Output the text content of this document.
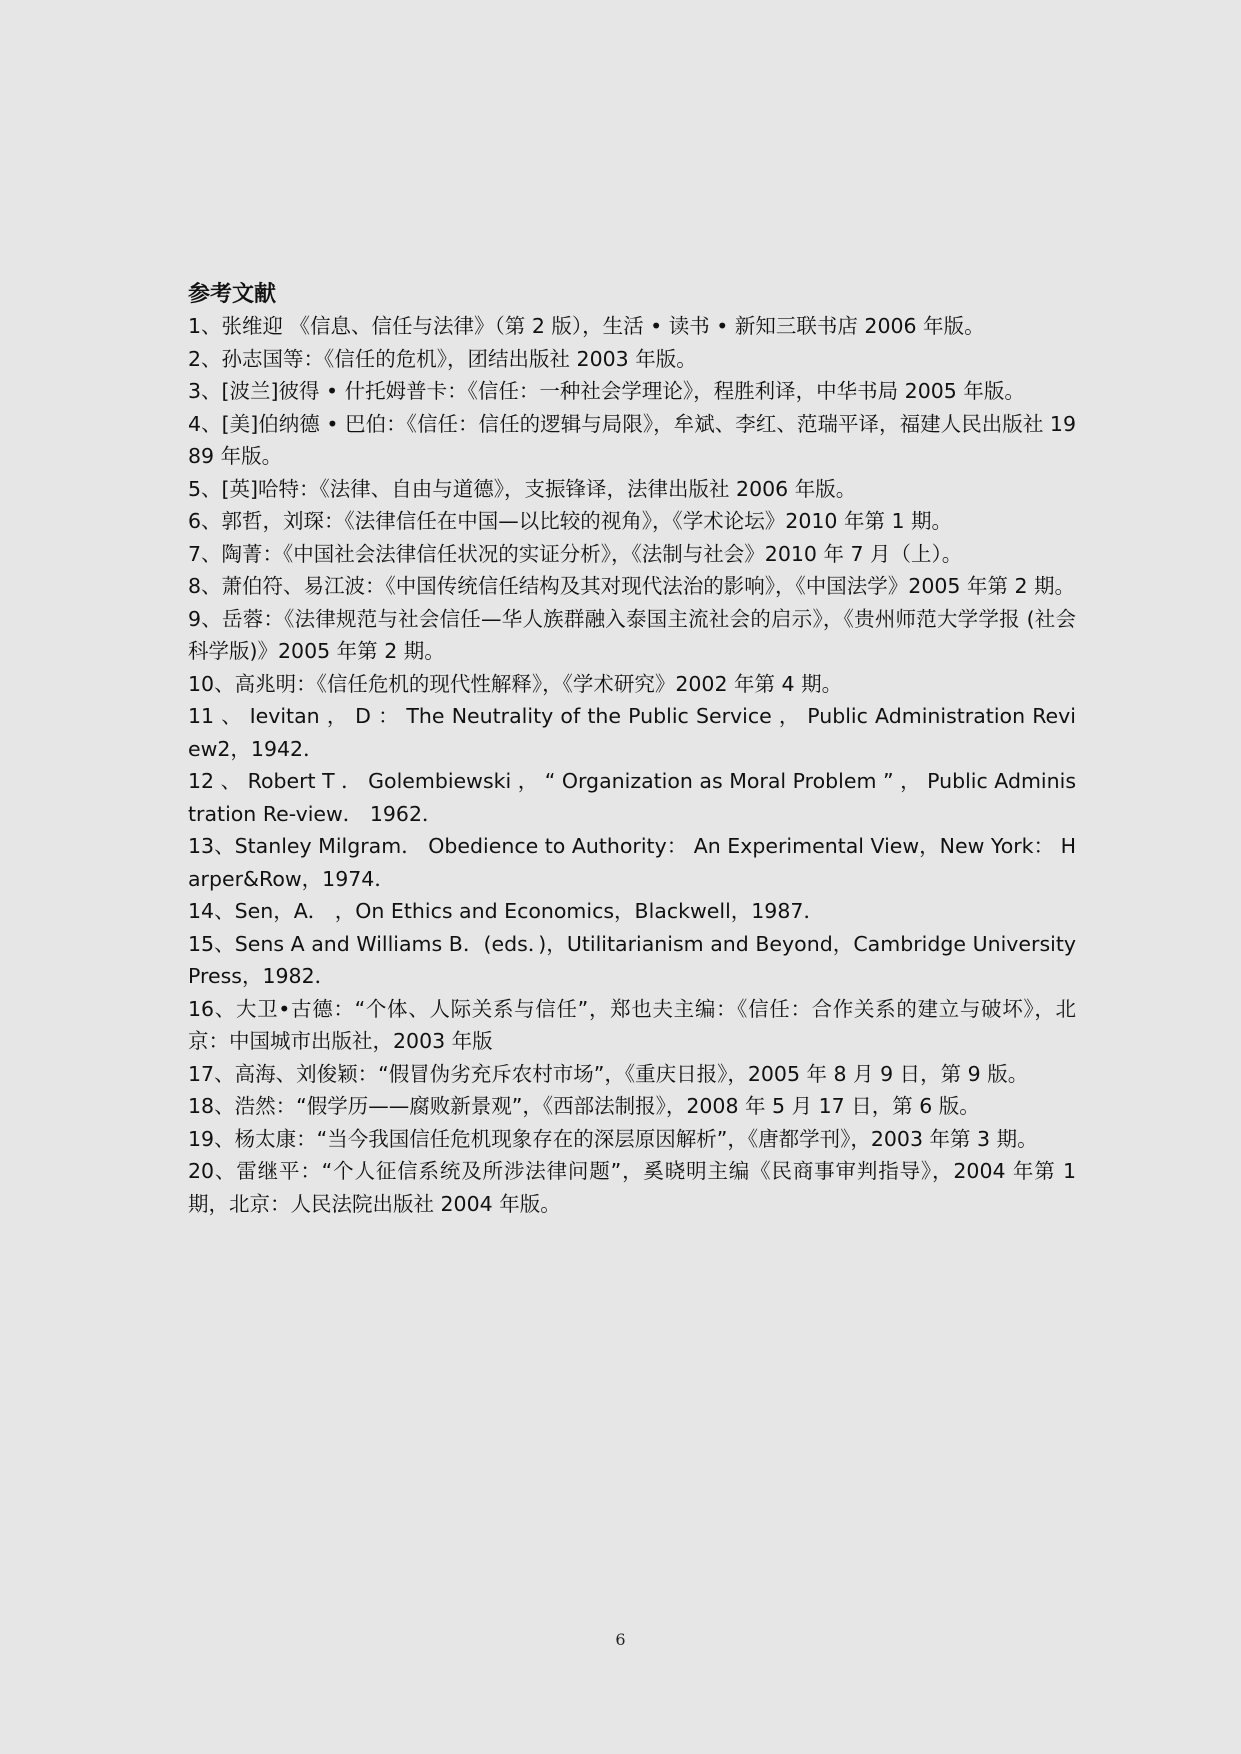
参考文献
1、张维迎 《信息、信任与法律》（第 2 版），生活 • 读书 • 新知三联书店 2006 年版。
2、孙志国等：《信任的危机》，团结出版社 2003 年版。
3、[波兰]彼得 • 什托姆普卡：《信任：一种社会学理论》，程胜利译，中华书局 2005 年版。
4、[美]伯纳德 • 巴伯：《信任：信任的逻辑与局限》，牟斌、李红、范瑞平译，福建人民出版社 1989 年版。
5、[英]哈特：《法律、自由与道德》，支振锋译，法律出版社 2006 年版。
6、郭哲，刘琛：《法律信任在中国—以比较的视角》，《学术论坛》2010 年第 1 期。
7、陶菁：《中国社会法律信任状况的实证分析》，《法制与社会》2010 年 7 月（上）。
8、萧伯符、易江波：《中国传统信任结构及其对现代法治的影响》，《中国法学》2005 年第 2 期。
9、岳蓉：《法律规范与社会信任—华人族群融入泰国主流社会的启示》，《贵州师范大学学报 (社会科学版)》2005 年第 2 期。
10、高兆明：《信任危机的现代性解释》，《学术研究》2002 年第 4 期。
11 、 Ievitan ， D ： The Neutrality of the Public Service ， Public Administration Review2，1942．
12 、 Robert T ． Golembiewski ， “ Organization as Moral Problem ” ， Public Administration Re-view． 1962．
13、Stanley Milgram． Obedience to Authority： An Experimental View，New York： Harper&Row，1974．
14、Sen，A． ，On Ethics and Economics，Blackwell，1987．
15、Sens A and Williams B．(eds．)，Utilitarianism and Beyond，Cambridge University Press，1982．
16、大卫•古德：“个体、人际关系与信任”，郑也夫主编：《信任：合作关系的建立与破坏》，北京：中国城市出版社，2003 年版
17、高海、刘俊颖：“假冒伪劣充斥农村市场”，《重庆日报》，2005 年 8 月 9 日，第 9 版。
18、浩然：“假学历——腐败新景观”，《西部法制报》，2008 年 5 月 17 日，第 6 版。
19、杨太康：“当今我国信任危机现象存在的深层原因解析”，《唐都学刊》，2003 年第 3 期。
20、雷继平：“个人征信系统及所涉法律问题”，奚晓明主编《民商事审判指导》，2004 年第 1 期，北京：人民法院出版社 2004 年版。
6
